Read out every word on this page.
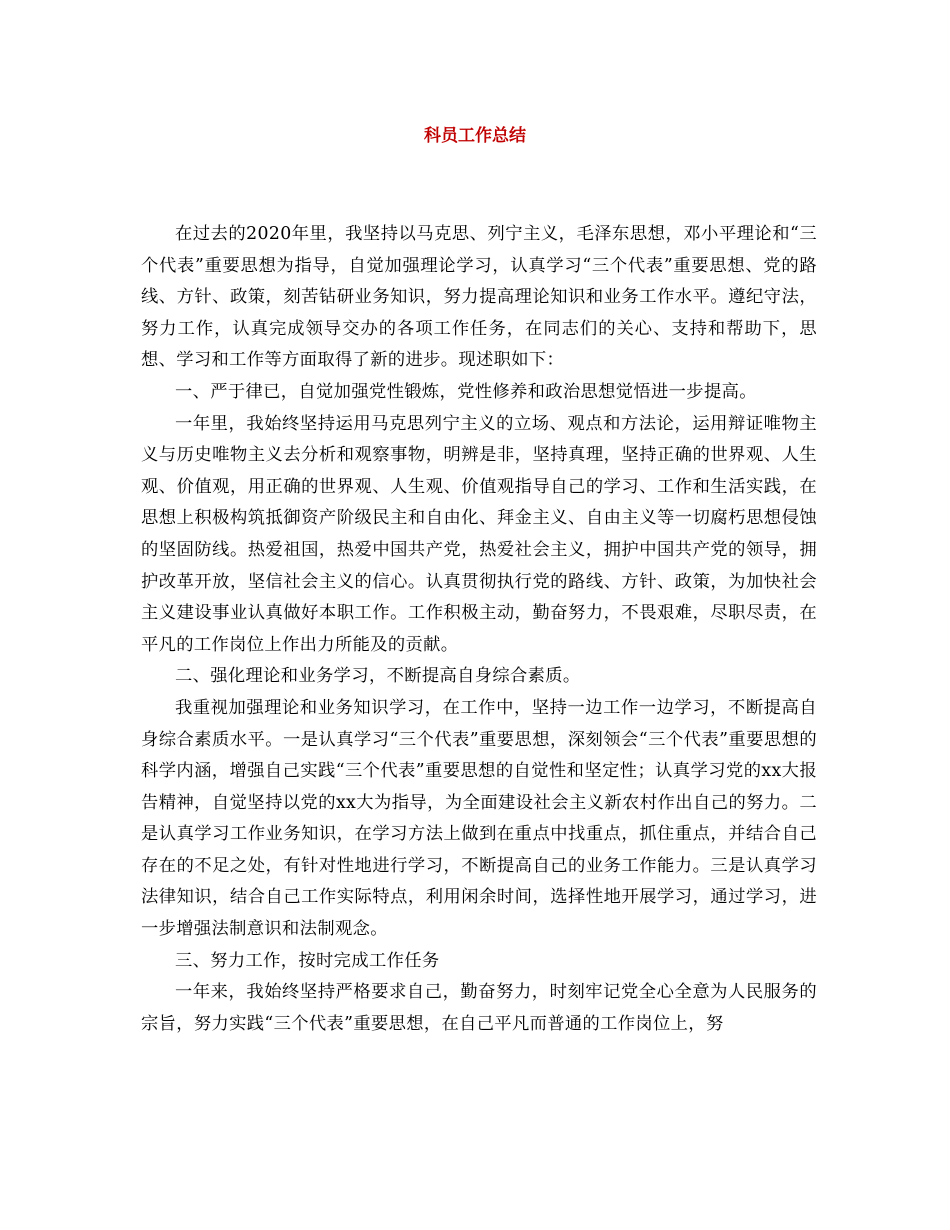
科员工作总结

在过去的2020年里，我坚持以马克思、列宁主义，毛泽东思想，邓小平理论和“三个代表”重要思想为指导，自觉加强理论学习，认真学习“三个代表”重要思想、党的路线、方针、政策，刻苦钻研业务知识，努力提高理论知识和业务工作水平。遵纪守法，努力工作，认真完成领导交办的各项工作任务，在同志们的关心、支持和帮助下，思想、学习和工作等方面取得了新的进步。现述职如下：

一、严于律已，自觉加强党性锻炼，党性修养和政治思想觉悟进一步提高。

一年里，我始终坚持运用马克思列宁主义的立场、观点和方法论，运用辩证唯物主义与历史唯物主义去分析和观察事物，明辨是非，坚持真理，坚持正确的世界观、人生观、价值观，用正确的世界观、人生观、价值观指导自己的学习、工作和生活实践，在思想上积极构筑抵御资产阶级民主和自由化、拜金主义、自由主义等一切腐朽思想侵蚀的坚固防线。热爱祖国，热爱中国共产党，热爱社会主义，拥护中国共产党的领导，拥护改革开放，坚信社会主义的信心。认真贯彻执行党的路线、方针、政策，为加快社会主义建设事业认真做好本职工作。工作积极主动，勤奋努力，不畏艰难，尽职尽责，在平凡的工作岗位上作出力所能及的贡献。

二、强化理论和业务学习，不断提高自身综合素质。

我重视加强理论和业务知识学习，在工作中，坚持一边工作一边学习，不断提高自身综合素质水平。一是认真学习“三个代表”重要思想，深刻领会“三个代表”重要思想的科学内涵，增强自己实践“三个代表”重要思想的自觉性和坚定性；认真学习党的xx大报告精神，自觉坚持以党的xx大为指导，为全面建设社会主义新农村作出自己的努力。二是认真学习工作业务知识，在学习方法上做到在重点中找重点，抓住重点，并结合自己存在的不足之处，有针对性地进行学习，不断提高自己的业务工作能力。三是认真学习法律知识，结合自己工作实际特点，利用闲余时间，选择性地开展学习，通过学习，进一步增强法制意识和法制观念。

三、努力工作，按时完成工作任务

一年来，我始终坚持严格要求自己，勤奋努力，时刻牢记党全心全意为人民服务的宗旨，努力实践“三个代表”重要思想，在自己平凡而普通的工作岗位上，努
